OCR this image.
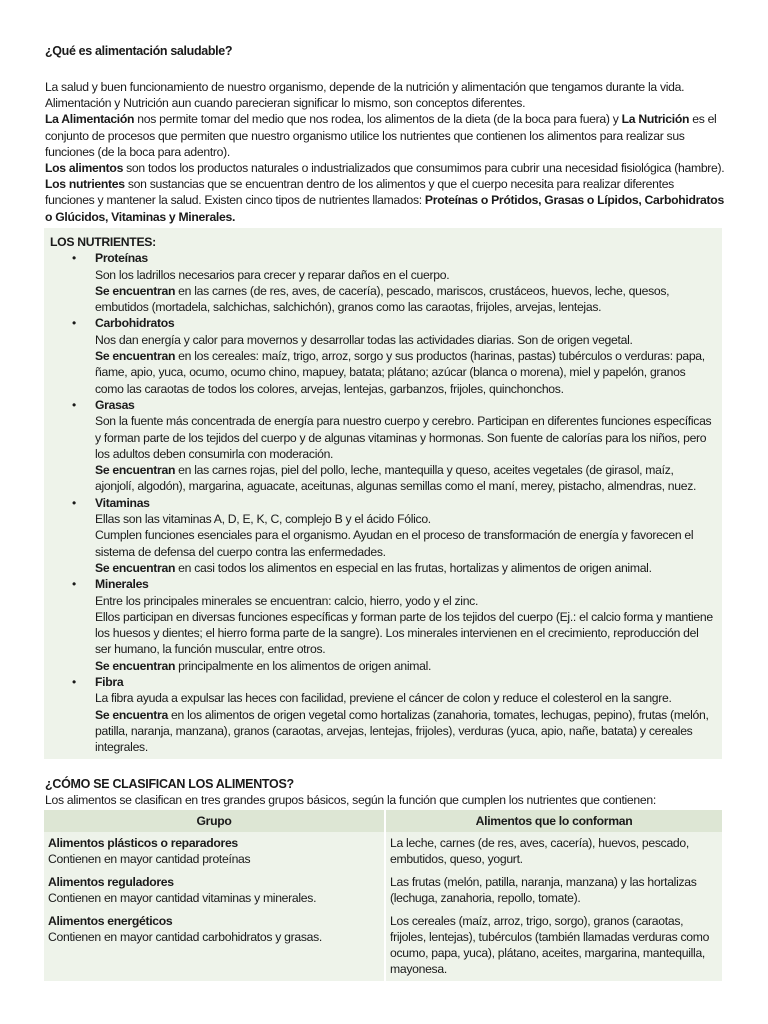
¿Qué es alimentación saludable?

La salud y buen funcionamiento de nuestro organismo, depende de la nutrición y alimentación que tengamos durante la vida.

Alimentación y Nutrición aun cuando parecieran significar lo mismo, son conceptos diferentes.

La Alimentación nos permite tomar del medio que nos rodea, los alimentos de la dieta (de la boca para fuera) y La Nutrición es el conjunto de procesos que permiten que nuestro organismo utilice los nutrientes que contienen los alimentos para realizar sus funciones (de la boca para adentro).

Los alimentos son todos los productos naturales o industrializados que consumimos para cubrir una necesidad fisiológica (hambre).

Los nutrientes son sustancias que se encuentran dentro de los alimentos y que el cuerpo necesita para realizar diferentes funciones y mantener la salud. Existen cinco tipos de nutrientes llamados: Proteínas o Prótidos, Grasas o Lípidos, Carbohidratos o Glúcidos, Vitaminas y Minerales.

LOS NUTRIENTES:
• Proteínas

Son los ladrillos necesarios para crecer y reparar daños en el cuerpo.

Se encuentran en las carnes (de res, aves, de cacería), pescado, mariscos, crustáceos, huevos, leche, quesos, embutidos (mortadela, salchichas, salchichón), granos como las caraotas, frijoles, arvejas, lentejas.

• Carbohidratos

Nos dan energía y calor para movernos y desarrollar todas las actividades diarias. Son de origen vegetal.

Se encuentran en los cereales: maíz, trigo, arroz, sorgo y sus productos (harinas, pastas) tubérculos o verduras: papa, ñame, apio, yuca, ocumo, ocumo chino, mapuey, batata; plátano; azúcar (blanca o morena), miel y papelón, granos como las caraotas de todos los colores, arvejas, lentejas, garbanzos, frijoles, quinchonchos.

• Grasas

Son la fuente más concentrada de energía para nuestro cuerpo y cerebro. Participan en diferentes funciones específicas y forman parte de los tejidos del cuerpo y de algunas vitaminas y hormonas. Son fuente de calorías para los niños, pero los adultos deben consumirla con moderación.

Se encuentran en las carnes rojas, piel del pollo, leche, mantequilla y queso, aceites vegetales (de girasol, maíz, ajonjolí, algodón), margarina, aguacate, aceitunas, algunas semillas como el maní, merey, pistacho, almendras, nuez.

• Vitaminas

Ellas son las vitaminas A, D, E, K, C, complejo B y el ácido Fólico.

Cumplen funciones esenciales para el organismo. Ayudan en el proceso de transformación de energía y favorecen el sistema de defensa del cuerpo contra las enfermedades.

Se encuentran en casi todos los alimentos en especial en las frutas, hortalizas y alimentos de origen animal.

• Minerales

Entre los principales minerales se encuentran: calcio, hierro, yodo y el zinc.

Ellos participan en diversas funciones específicas y forman parte de los tejidos del cuerpo (Ej.: el calcio forma y mantiene los huesos y dientes; el hierro forma parte de la sangre). Los minerales intervienen en el crecimiento, reproducción del ser humano, la función muscular, entre otros.

Se encuentran principalmente en los alimentos de origen animal.

• Fibra

La fibra ayuda a expulsar las heces con facilidad, previene el cáncer de colon y reduce el colesterol en la sangre.

Se encuentra en los alimentos de origen vegetal como hortalizas (zanahoria, tomates, lechugas, pepino), frutas (melón, patilla, naranja, manzana), granos (caraotas, arvejas, lentejas, frijoles), verduras (yuca, apio, nañe, batata) y cereales integrales.

¿CÓMO SE CLASIFICAN LOS ALIMENTOS?
Los alimentos se clasifican en tres grandes grupos básicos, según la función que cumplen los nutrientes que contienen:
Grupo	Alimentos que lo conforman

Alimentos plásticos o reparadores
Contienen en mayor cantidad proteínas	La leche, carnes (de res, aves, cacería), huevos, pescado, embutidos, queso, yogurt.

Alimentos reguladores
Contienen en mayor cantidad vitaminas y minerales.	Las frutas (melón, patilla, naranja, manzana) y las hortalizas (lechuga, zanahoria, repollo, tomate).

Alimentos energéticos
Contienen en mayor cantidad carbohidratos y grasas.	Los cereales (maíz, arroz, trigo, sorgo), granos (caraotas, frijoles, lentejas), tubérculos (también llamadas verduras como ocumo, papa, yuca), plátano, aceites, margarina, mantequilla, mayonesa.
